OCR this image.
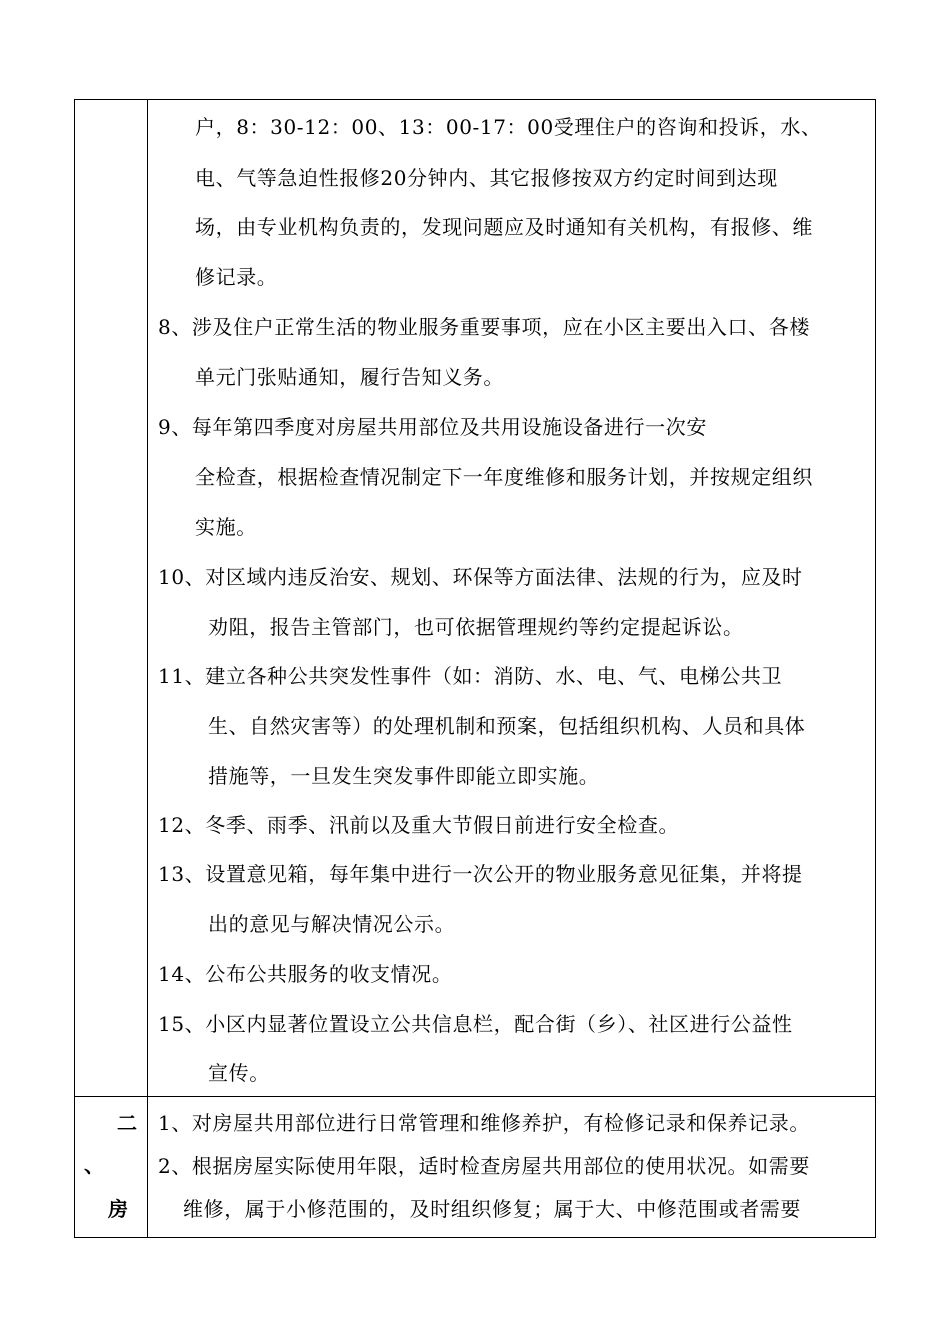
户，8：30-12：00、13：00-17：00受理住户的咨询和投诉，水、
电、气等急迫性报修20分钟内、其它报修按双方约定时间到达现
场，由专业机构负责的，发现问题应及时通知有关机构，有报修、维
修记录。
8、涉及住户正常生活的物业服务重要事项，应在小区主要出入口、各楼
单元门张贴通知，履行告知义务。
9、每年第四季度对房屋共用部位及共用设施设备进行一次安
全检查，根据检查情况制定下一年度维修和服务计划，并按规定组织
实施。
10、对区域内违反治安、规划、环保等方面法律、法规的行为，应及时
劝阻，报告主管部门，也可依据管理规约等约定提起诉讼。
11、建立各种公共突发性事件（如：消防、水、电、气、电梯公共卫
生、自然灾害等）的处理机制和预案，包括组织机构、人员和具体
措施等，一旦发生突发事件即能立即实施。
12、冬季、雨季、汛前以及重大节假日前进行安全检查。
13、设置意见箱，每年集中进行一次公开的物业服务意见征集，并将提
出的意见与解决情况公示。
14、公布公共服务的收支情况。
15、小区内显著位置设立公共信息栏，配合街（乡）、社区进行公益性
宣传。
二
、
房
1、对房屋共用部位进行日常管理和维修养护，有检修记录和保养记录。
2、根据房屋实际使用年限，适时检查房屋共用部位的使用状况。如需要
维修，属于小修范围的，及时组织修复；属于大、中修范围或者需要
